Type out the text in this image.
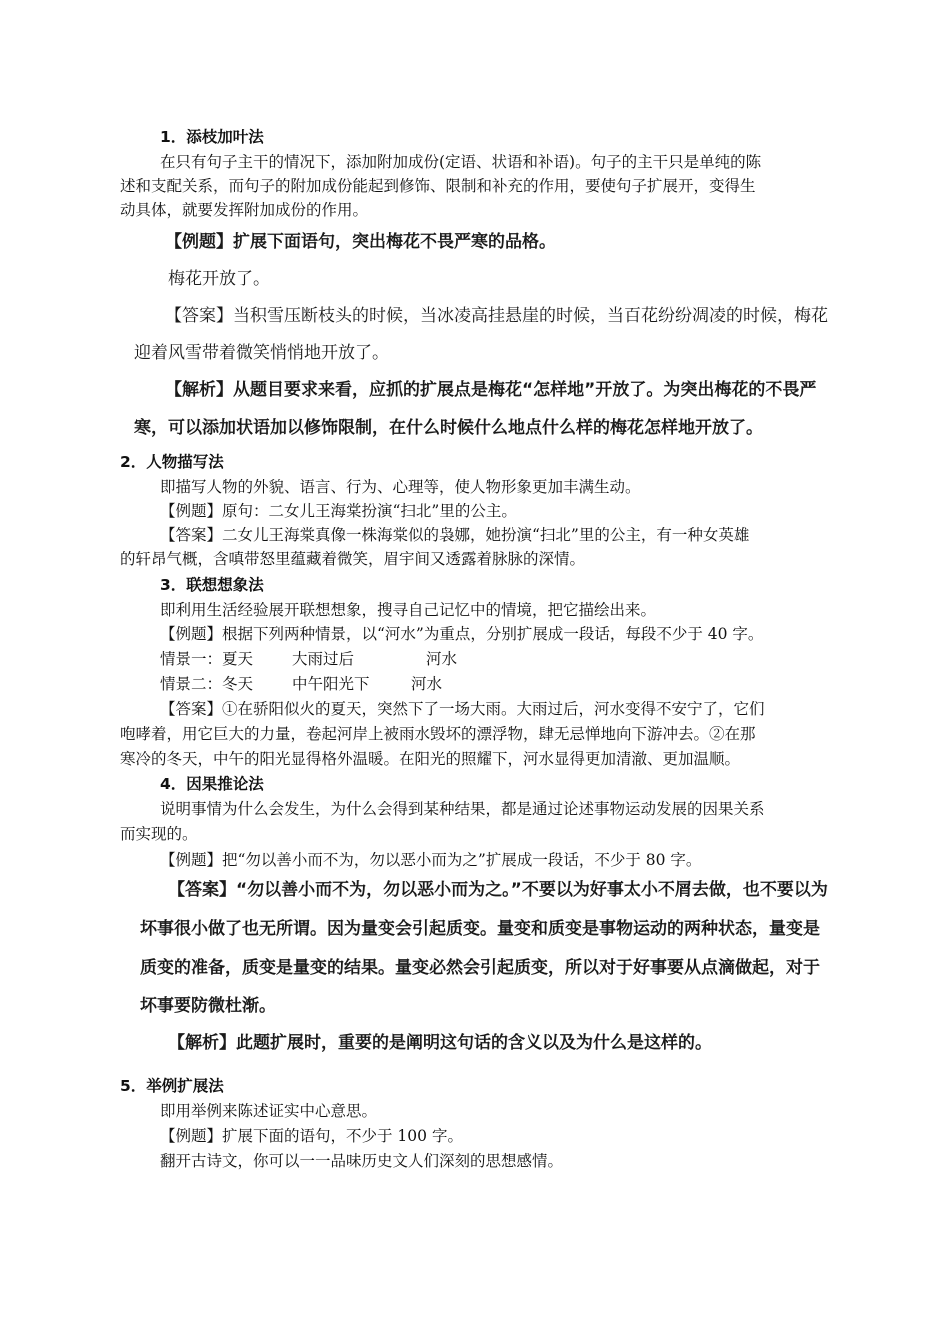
1．添枝加叶法
在只有句子主干的情况下，添加附加成份(定语、状语和补语)。句子的主干只是单纯的陈
述和支配关系，而句子的附加成份能起到修饰、限制和补充的作用，要使句子扩展开，变得生
动具体，就要发挥附加成份的作用。
【例题】扩展下面语句，突出梅花不畏严寒的品格。
梅花开放了。
【答案】当积雪压断枝头的时候，当冰凌高挂悬崖的时候，当百花纷纷凋凌的时候，梅花
迎着风雪带着微笑悄悄地开放了。
【解析】从题目要求来看，应抓的扩展点是梅花“怎样地”开放了。为突出梅花的不畏严
寒，可以添加状语加以修饰限制，在什么时候什么地点什么样的梅花怎样地开放了。
2．人物描写法
即描写人物的外貌、语言、行为、心理等，使人物形象更加丰满生动。
【例题】原句：二女儿王海棠扮演“扫北”里的公主。
【答案】二女儿王海棠真像一株海棠似的袅娜，她扮演“扫北”里的公主，有一种女英雄
的轩昂气概，含嗔带怒里蕴藏着微笑，眉宇间又透露着脉脉的深情。
3．联想想象法
即利用生活经验展开联想想象，搜寻自己记忆中的情境，把它描绘出来。
【例题】根据下列两种情景，以“河水”为重点，分别扩展成一段话，每段不少于 40 字。
情景一：夏天	大雨过后	河水
情景二：冬天	中午阳光下	河水
【答案】①在骄阳似火的夏天，突然下了一场大雨。大雨过后，河水变得不安宁了，它们
咆哮着，用它巨大的力量，卷起河岸上被雨水毁坏的漂浮物，肆无忌惮地向下游冲去。②在那
寒冷的冬天，中午的阳光显得格外温暖。在阳光的照耀下，河水显得更加清澈、更加温顺。
4．因果推论法
说明事情为什么会发生，为什么会得到某种结果，都是通过论述事物运动发展的因果关系
而实现的。
【例题】把“勿以善小而不为，勿以恶小而为之”扩展成一段话，不少于 80 字。
【答案】“勿以善小而不为，勿以恶小而为之。”不要以为好事太小不屑去做，也不要以为
坏事很小做了也无所谓。因为量变会引起质变。量变和质变是事物运动的两种状态，量变是
质变的准备，质变是量变的结果。量变必然会引起质变，所以对于好事要从点滴做起，对于
坏事要防微杜渐。
【解析】此题扩展时，重要的是阐明这句话的含义以及为什么是这样的。
5．举例扩展法
即用举例来陈述证实中心意思。
【例题】扩展下面的语句，不少于 100 字。
翻开古诗文，你可以一一品味历史文人们深刻的思想感情。
